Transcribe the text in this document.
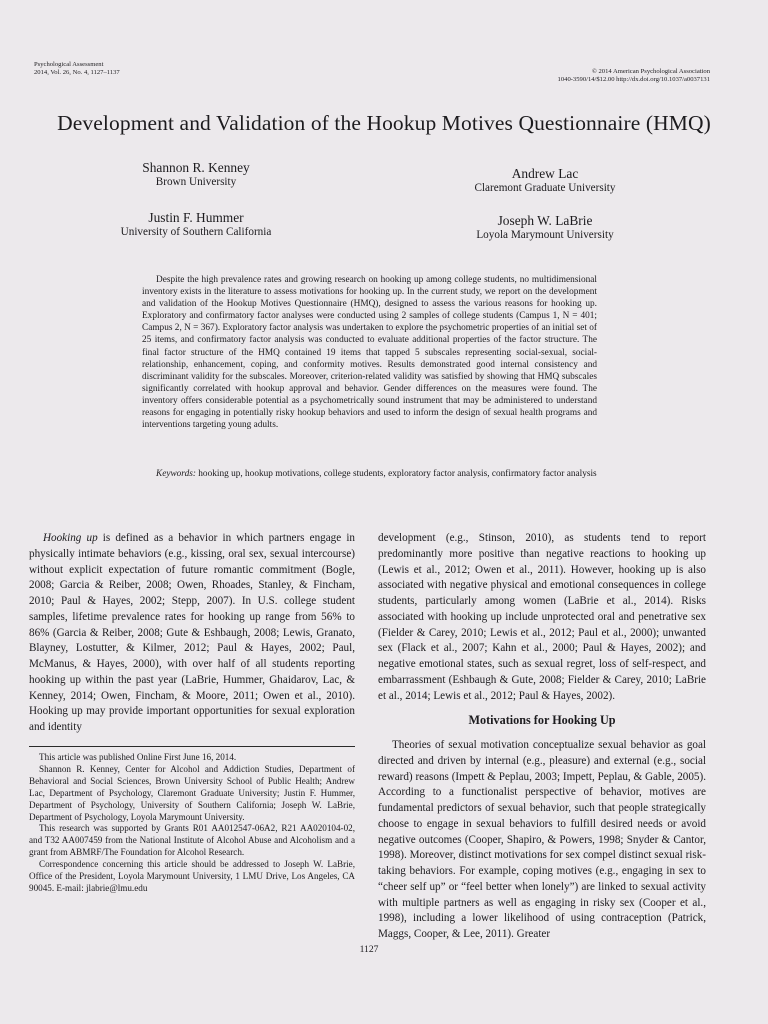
Psychological Assessment
2014, Vol. 26, No. 4, 1127–1137	© 2014 American Psychological Association
1040-3590/14/$12.00 http://dx.doi.org/10.1037/a0037131
Development and Validation of the Hookup Motives Questionnaire (HMQ)
Shannon R. Kenney
Brown University
Andrew Lac
Claremont Graduate University
Justin F. Hummer
University of Southern California
Joseph W. LaBrie
Loyola Marymount University
Despite the high prevalence rates and growing research on hooking up among college students, no multidimensional inventory exists in the literature to assess motivations for hooking up. In the current study, we report on the development and validation of the Hookup Motives Questionnaire (HMQ), designed to assess the various reasons for hooking up. Exploratory and confirmatory factor analyses were conducted using 2 samples of college students (Campus 1, N = 401; Campus 2, N = 367). Exploratory factor analysis was undertaken to explore the psychometric properties of an initial set of 25 items, and confirmatory factor analysis was conducted to evaluate additional properties of the factor structure. The final factor structure of the HMQ contained 19 items that tapped 5 subscales representing social-sexual, social-relationship, enhancement, coping, and conformity motives. Results demonstrated good internal consistency and discriminant validity for the subscales. Moreover, criterion-related validity was satisfied by showing that HMQ subscales significantly correlated with hookup approval and behavior. Gender differences on the measures were found. The inventory offers considerable potential as a psychometrically sound instrument that may be administered to understand reasons for engaging in potentially risky hookup behaviors and used to inform the design of sexual health programs and interventions targeting young adults.
Keywords: hooking up, hookup motivations, college students, exploratory factor analysis, confirmatory factor analysis

Hooking up is defined as a behavior in which partners engage in physically intimate behaviors (e.g., kissing, oral sex, sexual intercourse) without explicit expectation of future romantic commitment (Bogle, 2008; Garcia & Reiber, 2008; Owen, Rhoades, Stanley, & Fincham, 2010; Paul & Hayes, 2002; Stepp, 2007). In U.S. college student samples, lifetime prevalence rates for hooking up range from 56% to 86% (Garcia & Reiber, 2008; Gute & Eshbaugh, 2008; Lewis, Granato, Blayney, Lostutter, & Kilmer, 2012; Paul & Hayes, 2002; Paul, McManus, & Hayes, 2000), with over half of all students reporting hooking up within the past year (LaBrie, Hummer, Ghaidarov, Lac, & Kenney, 2014; Owen, Fincham, & Moore, 2011; Owen et al., 2010). Hooking up may provide important opportunities for sexual exploration and identity

development (e.g., Stinson, 2010), as students tend to report predominantly more positive than negative reactions to hooking up (Lewis et al., 2012; Owen et al., 2011). However, hooking up is also associated with negative physical and emotional consequences in college students, particularly among women (LaBrie et al., 2014). Risks associated with hooking up include unprotected oral and penetrative sex (Fielder & Carey, 2010; Lewis et al., 2012; Paul et al., 2000); unwanted sex (Flack et al., 2007; Kahn et al., 2000; Paul & Hayes, 2002); and negative emotional states, such as sexual regret, loss of self-respect, and embarrassment (Eshbaugh & Gute, 2008; Fielder & Carey, 2010; LaBrie et al., 2014; Lewis et al., 2012; Paul & Hayes, 2002).

Motivations for Hooking Up

Theories of sexual motivation conceptualize sexual behavior as goal directed and driven by internal (e.g., pleasure) and external (e.g., social reward) reasons (Impett & Peplau, 2003; Impett, Peplau, & Gable, 2005). According to a functionalist perspective of behavior, motives are fundamental predictors of sexual behavior, such that people strategically choose to engage in sexual behaviors to fulfill desired needs or avoid negative outcomes (Cooper, Shapiro, & Powers, 1998; Snyder & Cantor, 1998). Moreover, distinct motivations for sex compel distinct sexual risk-taking behaviors. For example, coping motives (e.g., engaging in sex to “cheer self up” or “feel better when lonely”) are linked to sexual activity with multiple partners as well as engaging in risky sex (Cooper et al., 1998), including a lower likelihood of using contraception (Patrick, Maggs, Cooper, & Lee, 2011). Greater

This article was published Online First June 16, 2014.

Shannon R. Kenney, Center for Alcohol and Addiction Studies, Department of Behavioral and Social Sciences, Brown University School of Public Health; Andrew Lac, Department of Psychology, Claremont Graduate University; Justin F. Hummer, Department of Psychology, University of Southern California; Joseph W. LaBrie, Department of Psychology, Loyola Marymount University.

This research was supported by Grants R01 AA012547-06A2, R21 AA020104-02, and T32 AA007459 from the National Institute of Alcohol Abuse and Alcoholism and a grant from ABMRF/The Foundation for Alcohol Research.

Correspondence concerning this article should be addressed to Joseph W. LaBrie, Office of the President, Loyola Marymount University, 1 LMU Drive, Los Angeles, CA 90045. E-mail: jlabrie@lmu.edu

1127
